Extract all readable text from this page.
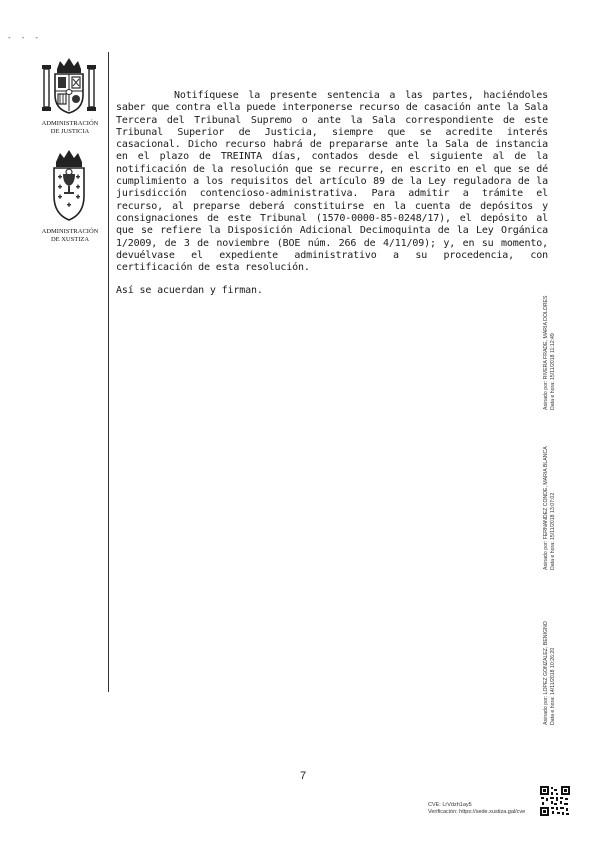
- - -
ADMINISTRACIÓN
DE JUSTICIA
ADMINISTRACIÓN
DE XUSTIZA

Notifíquese la presente sentencia a las partes, haciéndoles saber que contra ella puede interponerse recurso de casación ante la Sala Tercera del Tribunal Supremo o ante la Sala correspondiente de este Tribunal Superior de Justicia, siempre que se acredite interés casacional. Dicho recurso habrá de prepararse ante la Sala de instancia en el plazo de TREINTA días, contados desde el siguiente al de la notificación de la resolución que se recurre, en escrito en el que se dé cumplimiento a los requisitos del artículo 89 de la Ley reguladora de la jurisdicción contencioso-administrativa. Para admitir a trámite el recurso, al preparse deberá constituirse en la cuenta de depósitos y consignaciones de este Tribunal (1570-0000-85-0248/17), el depósito al que se refiere la Disposición Adicional Decimoquinta de la Ley Orgánica 1/2009, de 3 de noviembre (BOE núm. 266 de 4/11/09); y, en su momento, devuélvase el expediente administrativo a su procedencia, con certificación de esta resolución.

Así se acuerdan y firman.

7
Asinado por: RIVERA FRADE, MARIA DOLORES Data e hora: 15/11/2018 11:12:49
Asinado por: FERNANDEZ CONDE, MARIA BLANCA Data e hora: 15/11/2018 13:07:02
Asinado por: LOPEZ GONZALEZ, BENIGNO Data e hora: 14/11/2018 10:26:20
CVE: LrVdzh1ay5
Verificación: https://sede.xustiza.gal/cve
